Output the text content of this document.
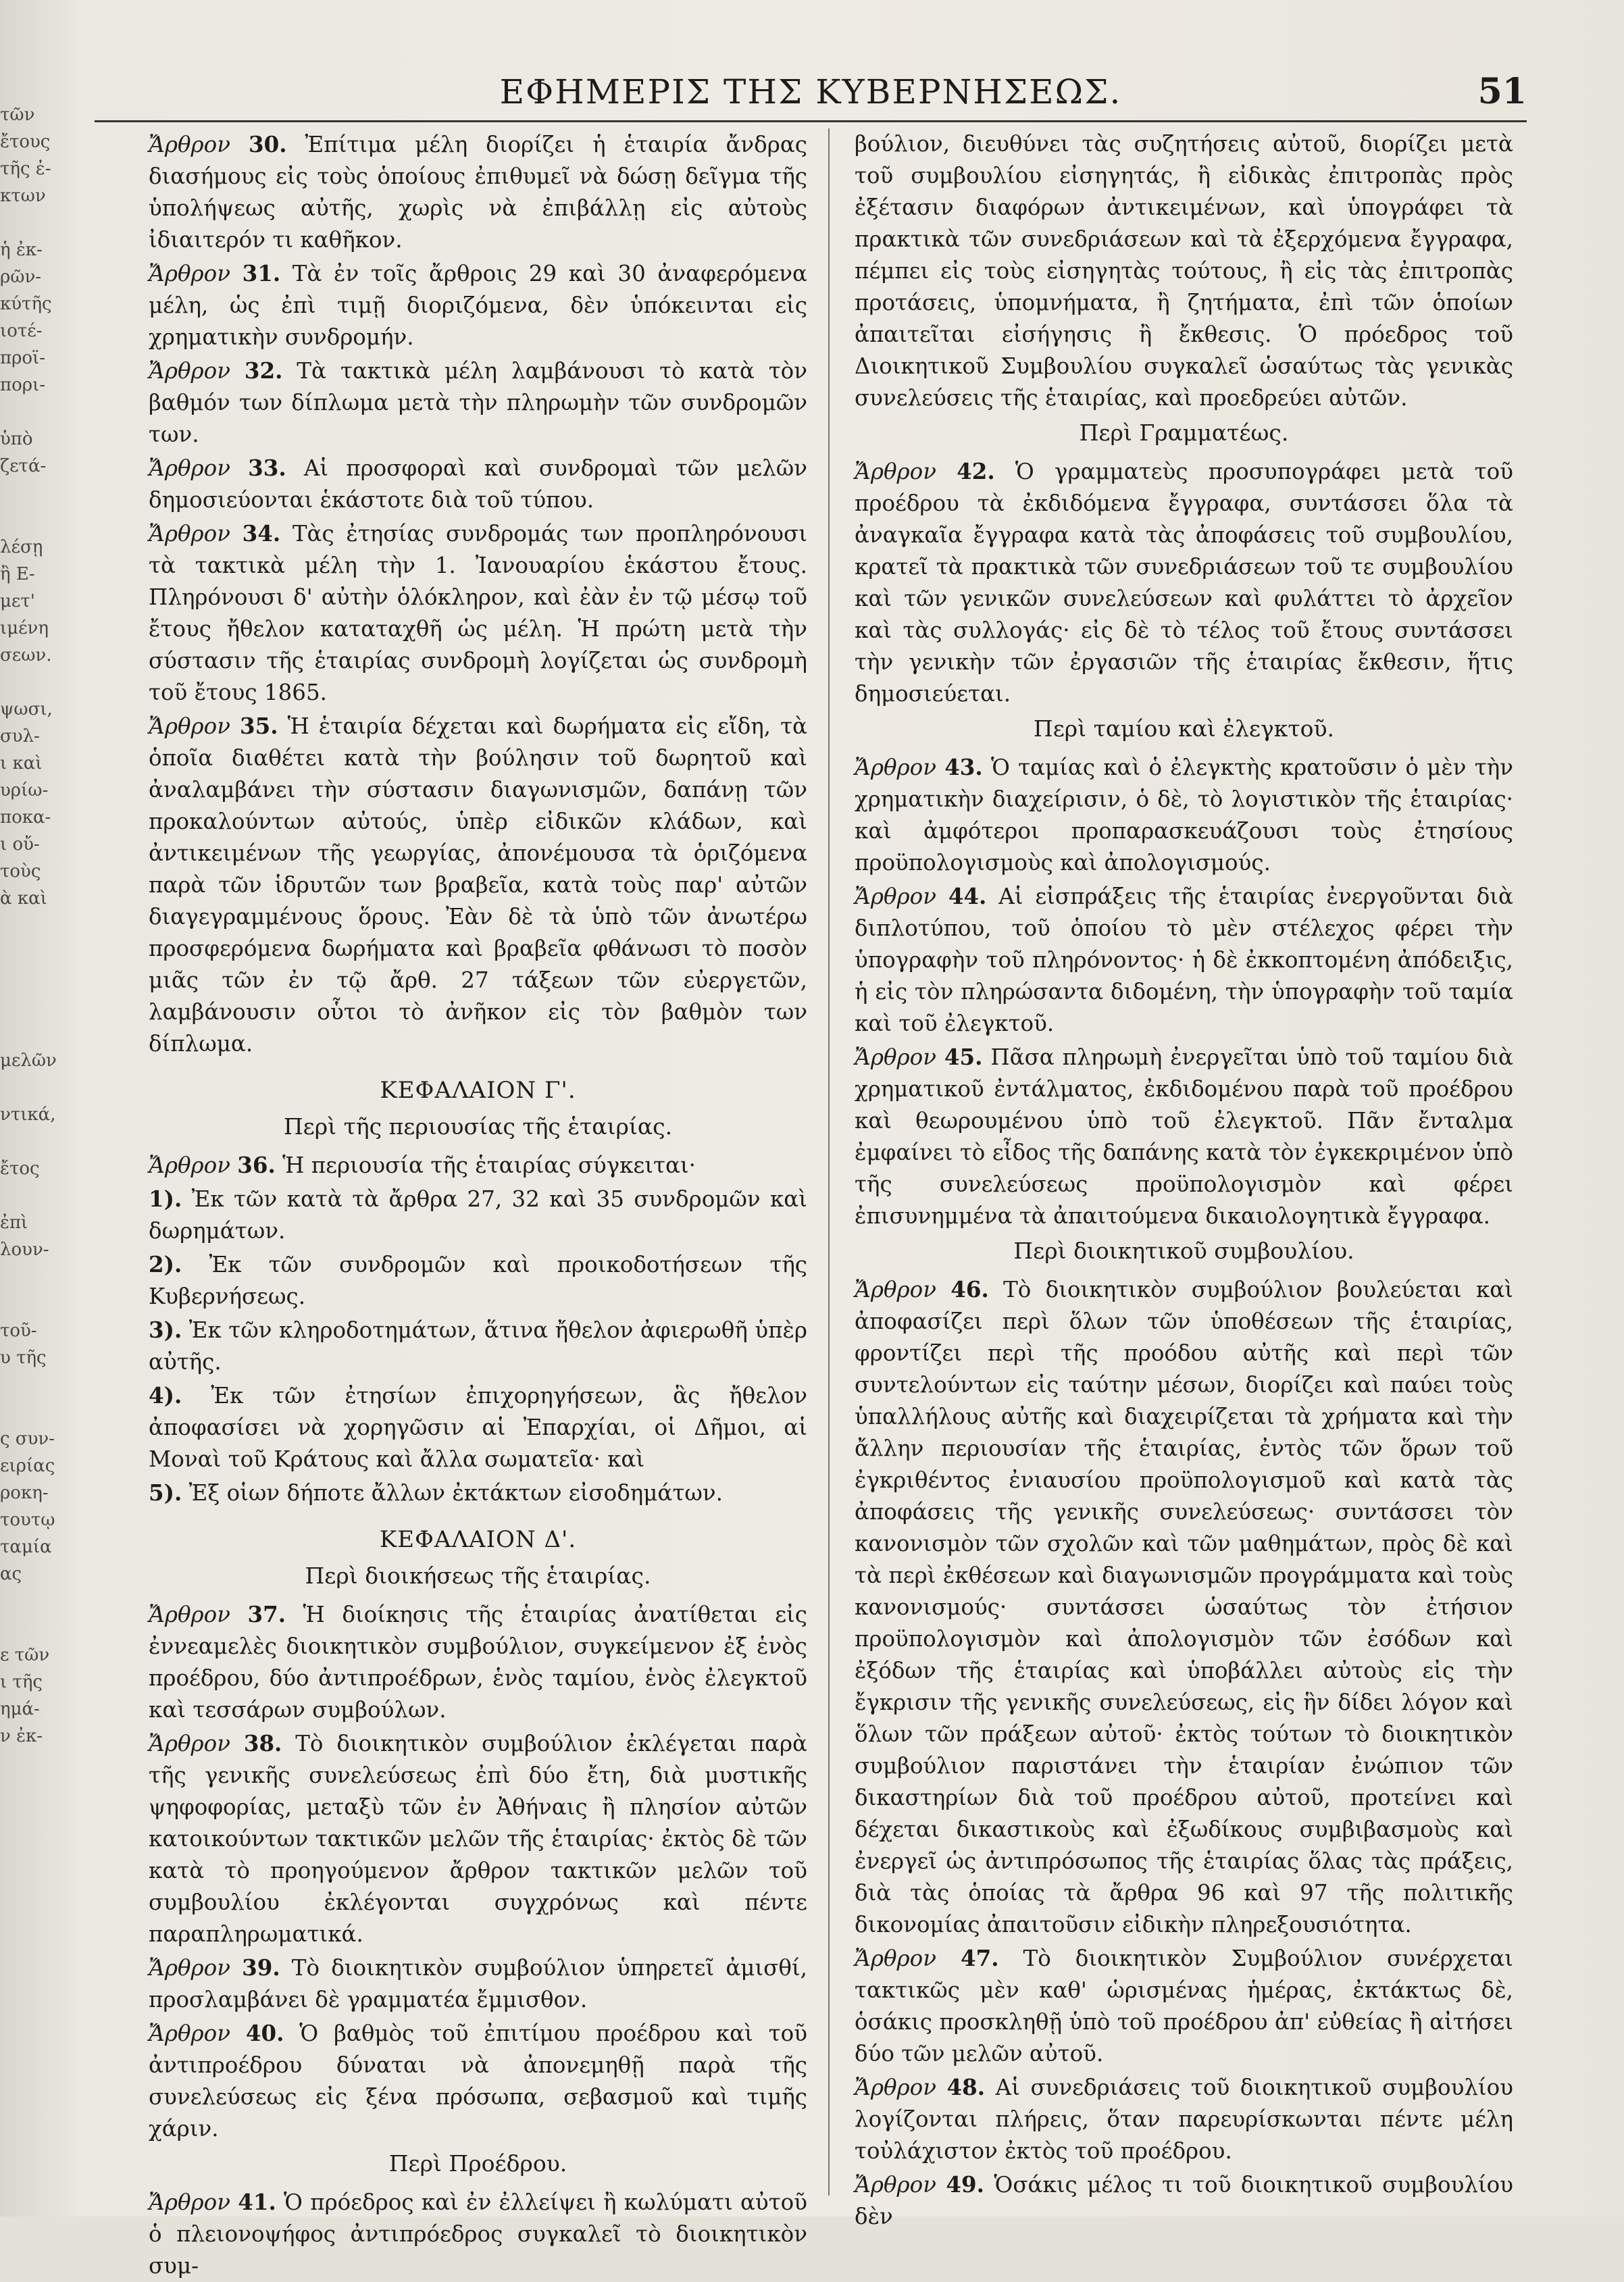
τῶν
ἔτους
τῆς ἐ-
κτων

ἡ ἐκ-
ρῶν-
κύτῆς
ιοτέ-
προϊ-
πορι-

ὑπὸ
ζετά-

λέσῃ
ἢ Ε-
μετ'
ιμένη
σεων.

ψωσι,
συλ-
ι καὶ
υρίω-
ποκα-
ι οὔ-
τοὺς
ὰ καὶ

μελῶν

ντικά,

ἔτος

ἐπὶ
λουν-

τοῦ-
υ τῆς

ς συν-
ειρίας
ροκη-
τουτῳ
ταμία
ας

ε τῶν
ι τῆς
ημά-
ν ἐκ-
ΕΦΗΜΕΡΙΣ ΤΗΣ ΚΥΒΕΡΝΗΣΕΩΣ.	51

Ἄρθρον 30. Ἐπίτιμα μέλη διορίζει ἡ ἑταιρία ἄνδρας διασήμους εἰς τοὺς ὁποίους ἐπιθυμεῖ νὰ δώσῃ δεῖγμα τῆς ὑπολήψεως αὐτῆς, χωρὶς νὰ ἐπιβάλλῃ εἰς αὐτοὺς ἰδιαιτερόν τι καθῆκον.

Ἄρθρον 31. Τὰ ἐν τοῖς ἄρθροις 29 καὶ 30 ἀναφερόμενα μέλη, ὡς ἐπὶ τιμῇ διοριζόμενα, δὲν ὑπόκεινται εἰς χρηματικὴν συνδρομήν.

Ἄρθρον 32. Τὰ τακτικὰ μέλη λαμβάνουσι τὸ κατὰ τὸν βαθμόν των δίπλωμα μετὰ τὴν πληρωμὴν τῶν συνδρομῶν των.

Ἄρθρον 33. Αἱ προσφοραὶ καὶ συνδρομαὶ τῶν μελῶν δημοσιεύονται ἑκάστοτε διὰ τοῦ τύπου.

Ἄρθρον 34. Τὰς ἐτησίας συνδρομάς των προπληρόνουσι τὰ τακτικὰ μέλη τὴν 1. Ἰανουαρίου ἑκάστου ἔτους. Πληρόνουσι δ' αὐτὴν ὁλόκληρον, καὶ ἐὰν ἐν τῷ μέσῳ τοῦ ἔτους ἤθελον καταταχθῆ ὡς μέλη. Ἡ πρώτη μετὰ τὴν σύστασιν τῆς ἑταιρίας συνδρομὴ λογίζεται ὡς συνδρομὴ τοῦ ἔτους 1865.

Ἄρθρον 35. Ἡ ἑταιρία δέχεται καὶ δωρήματα εἰς εἴδη, τὰ ὁποῖα διαθέτει κατὰ τὴν βούλησιν τοῦ δωρητοῦ καὶ ἀναλαμβάνει τὴν σύστασιν διαγωνισμῶν, δαπάνῃ τῶν προκαλούντων αὐτούς, ὑπὲρ εἰδικῶν κλάδων, καὶ ἀντικειμένων τῆς γεωργίας, ἀπονέμουσα τὰ ὁριζόμενα παρὰ τῶν ἱδρυτῶν των βραβεῖα, κατὰ τοὺς παρ' αὐτῶν διαγεγραμμένους ὅρους. Ἐὰν δὲ τὰ ὑπὸ τῶν ἀνωτέρω προσφερόμενα δωρήματα καὶ βραβεῖα φθάνωσι τὸ ποσὸν μιᾶς τῶν ἐν τῷ ἄρθ. 27 τάξεων τῶν εὐεργετῶν, λαμβάνουσιν οὗτοι τὸ ἀνῆκον εἰς τὸν βαθμὸν των δίπλωμα.

ΚΕΦΑΛΑΙΟΝ Γ'.
Περὶ τῆς περιουσίας τῆς ἑταιρίας.

Ἄρθρον 36. Ἡ περιουσία τῆς ἑταιρίας σύγκειται·

1). Ἐκ τῶν κατὰ τὰ ἄρθρα 27, 32 καὶ 35 συνδρομῶν καὶ δωρημάτων.

2). Ἐκ τῶν συνδρομῶν καὶ προικοδοτήσεων τῆς Κυβερνήσεως.

3). Ἐκ τῶν κληροδοτημάτων, ἅτινα ἤθελον ἀφιερωθῆ ὑπὲρ αὐτῆς.

4). Ἐκ τῶν ἐτησίων ἐπιχορηγήσεων, ἃς ἤθελον ἀποφασίσει νὰ χορηγῶσιν αἱ Ἐπαρχίαι, οἱ Δῆμοι, αἱ Μοναὶ τοῦ Κράτους καὶ ἄλλα σωματεῖα· καὶ

5). Ἐξ οἱων δήποτε ἄλλων ἐκτάκτων εἰσοδημάτων.

ΚΕΦΑΛΑΙΟΝ Δ'.
Περὶ διοικήσεως τῆς ἑταιρίας.

Ἄρθρον 37. Ἡ διοίκησις τῆς ἑταιρίας ἀνατίθεται εἰς ἐννεαμελὲς διοικητικὸν συμβούλιον, συγκείμενον ἐξ ἑνὸς προέδρου, δύο ἀντιπροέδρων, ἑνὸς ταμίου, ἑνὸς ἐλεγκτοῦ καὶ τεσσάρων συμβούλων.

Ἄρθρον 38. Τὸ διοικητικὸν συμβούλιον ἐκλέγεται παρὰ τῆς γενικῆς συνελεύσεως ἐπὶ δύο ἔτη, διὰ μυστικῆς ψηφοφορίας, μεταξὺ τῶν ἐν Ἀθήναις ἢ πλησίον αὐτῶν κατοικούντων τακτικῶν μελῶν τῆς ἑταιρίας· ἐκτὸς δὲ τῶν κατὰ τὸ προηγούμενον ἄρθρον τακτικῶν μελῶν τοῦ συμβουλίου ἐκλέγονται συγχρόνως καὶ πέντε παραπληρωματικά.

Ἄρθρον 39. Τὸ διοικητικὸν συμβούλιον ὑπηρετεῖ ἀμισθί, προσλαμβάνει δὲ γραμματέα ἔμμισθον.

Ἄρθρον 40. Ὁ βαθμὸς τοῦ ἐπιτίμου προέδρου καὶ τοῦ ἀντιπροέδρου δύναται νὰ ἀπονεμηθῇ παρὰ τῆς συνελεύσεως εἰς ξένα πρόσωπα, σεβασμοῦ καὶ τιμῆς χάριν.

Περὶ Προέδρου.

Ἄρθρον 41. Ὁ πρόεδρος καὶ ἐν ἐλλείψει ἢ κωλύματι αὐτοῦ ὁ πλειονοψήφος ἀντιπρόεδρος συγκαλεῖ τὸ διοικητικὸν συμ-

βούλιον, διευθύνει τὰς συζητήσεις αὐτοῦ, διορίζει μετὰ τοῦ συμβουλίου εἰσηγητάς, ἢ εἰδικὰς ἐπιτροπὰς πρὸς ἐξέτασιν διαφόρων ἀντικειμένων, καὶ ὑπογράφει τὰ πρακτικὰ τῶν συνεδριάσεων καὶ τὰ ἐξερχόμενα ἔγγραφα, πέμπει εἰς τοὺς εἰσηγητὰς τούτους, ἢ εἰς τὰς ἐπιτροπὰς προτάσεις, ὑπομνήματα, ἢ ζητήματα, ἐπὶ τῶν ὁποίων ἀπαιτεῖται εἰσήγησις ἢ ἔκθεσις. Ὁ πρόεδρος τοῦ Διοικητικοῦ Συμβουλίου συγκαλεῖ ὡσαύτως τὰς γενικὰς συνελεύσεις τῆς ἑταιρίας, καὶ προεδρεύει αὐτῶν.

Περὶ Γραμματέως.

Ἄρθρον 42. Ὁ γραμματεὺς προσυπογράφει μετὰ τοῦ προέδρου τὰ ἐκδιδόμενα ἔγγραφα, συντάσσει ὅλα τὰ ἀναγκαῖα ἔγγραφα κατὰ τὰς ἀποφάσεις τοῦ συμβουλίου, κρατεῖ τὰ πρακτικὰ τῶν συνεδριάσεων τοῦ τε συμβουλίου καὶ τῶν γενικῶν συνελεύσεων καὶ φυλάττει τὸ ἀρχεῖον καὶ τὰς συλλογάς· εἰς δὲ τὸ τέλος τοῦ ἔτους συντάσσει τὴν γενικὴν τῶν ἐργασιῶν τῆς ἑταιρίας ἔκθεσιν, ἥτις δημοσιεύεται.

Περὶ ταμίου καὶ ἐλεγκτοῦ.

Ἄρθρον 43. Ὁ ταμίας καὶ ὁ ἐλεγκτὴς κρατοῦσιν ὁ μὲν τὴν χρηματικὴν διαχείρισιν, ὁ δὲ, τὸ λογιστικὸν τῆς ἑταιρίας· καὶ ἀμφότεροι προπαρασκευάζουσι τοὺς ἐτησίους προϋπολογισμοὺς καὶ ἀπολογισμούς.

Ἄρθρον 44. Αἱ εἰσπράξεις τῆς ἑταιρίας ἐνεργοῦνται διὰ διπλοτύπου, τοῦ ὁποίου τὸ μὲν στέλεχος φέρει τὴν ὑπογραφὴν τοῦ πληρόνοντος· ἡ δὲ ἐκκοπτομένη ἀπόδειξις, ἡ εἰς τὸν πληρώσαντα διδομένη, τὴν ὑπογραφὴν τοῦ ταμία καὶ τοῦ ἐλεγκτοῦ.

Ἄρθρον 45. Πᾶσα πληρωμὴ ἐνεργεῖται ὑπὸ τοῦ ταμίου διὰ χρηματικοῦ ἐντάλματος, ἐκδιδομένου παρὰ τοῦ προέδρου καὶ θεωρουμένου ὑπὸ τοῦ ἐλεγκτοῦ. Πᾶν ἔνταλμα ἐμφαίνει τὸ εἶδος τῆς δαπάνης κατὰ τὸν ἐγκεκριμένον ὑπὸ τῆς συνελεύσεως προϋπολογισμὸν καὶ φέρει ἐπισυνημμένα τὰ ἀπαιτούμενα δικαιολογητικὰ ἔγγραφα.

Περὶ διοικητικοῦ συμβουλίου.

Ἄρθρον 46. Τὸ διοικητικὸν συμβούλιον βουλεύεται καὶ ἀποφασίζει περὶ ὅλων τῶν ὑποθέσεων τῆς ἑταιρίας, φροντίζει περὶ τῆς προόδου αὐτῆς καὶ περὶ τῶν συντελούντων εἰς ταύτην μέσων, διορίζει καὶ παύει τοὺς ὑπαλλήλους αὐτῆς καὶ διαχειρίζεται τὰ χρήματα καὶ τὴν ἄλλην περιουσίαν τῆς ἑταιρίας, ἐντὸς τῶν ὅρων τοῦ ἐγκριθέντος ἐνιαυσίου προϋπολογισμοῦ καὶ κατὰ τὰς ἀποφάσεις τῆς γενικῆς συνελεύσεως· συντάσσει τὸν κανονισμὸν τῶν σχολῶν καὶ τῶν μαθημάτων, πρὸς δὲ καὶ τὰ περὶ ἐκθέσεων καὶ διαγωνισμῶν προγράμματα καὶ τοὺς κανονισμούς· συντάσσει ὡσαύτως τὸν ἐτήσιον προϋπολογισμὸν καὶ ἀπολογισμὸν τῶν ἐσόδων καὶ ἐξόδων τῆς ἑταιρίας καὶ ὑποβάλλει αὐτοὺς εἰς τὴν ἔγκρισιν τῆς γενικῆς συνελεύσεως, εἰς ἣν δίδει λόγον καὶ ὅλων τῶν πράξεων αὐτοῦ· ἐκτὸς τούτων τὸ διοικητικὸν συμβούλιον παριστάνει τὴν ἑταιρίαν ἐνώπιον τῶν δικαστηρίων διὰ τοῦ προέδρου αὐτοῦ, προτείνει καὶ δέχεται δικαστικοὺς καὶ ἐξωδίκους συμβιβασμοὺς καὶ ἐνεργεῖ ὡς ἀντιπρόσωπος τῆς ἑταιρίας ὅλας τὰς πράξεις, διὰ τὰς ὁποίας τὰ ἄρθρα 96 καὶ 97 τῆς πολιτικῆς δικονομίας ἀπαιτοῦσιν εἰδικὴν πληρεξουσιότητα.

Ἄρθρον 47. Τὸ διοικητικὸν Συμβούλιον συνέρχεται τακτικῶς μὲν καθ' ὡρισμένας ἡμέρας, ἐκτάκτως δὲ, ὁσάκις προσκληθῇ ὑπὸ τοῦ προέδρου ἀπ' εὐθείας ἢ αἰτήσει δύο τῶν μελῶν αὐτοῦ.

Ἄρθρον 48. Αἱ συνεδριάσεις τοῦ διοικητικοῦ συμβουλίου λογίζονται πλήρεις, ὅταν παρευρίσκωνται πέντε μέλη τοὐλάχιστον ἐκτὸς τοῦ προέδρου.

Ἄρθρον 49. Ὁσάκις μέλος τι τοῦ διοικητικοῦ συμβουλίου δὲν
